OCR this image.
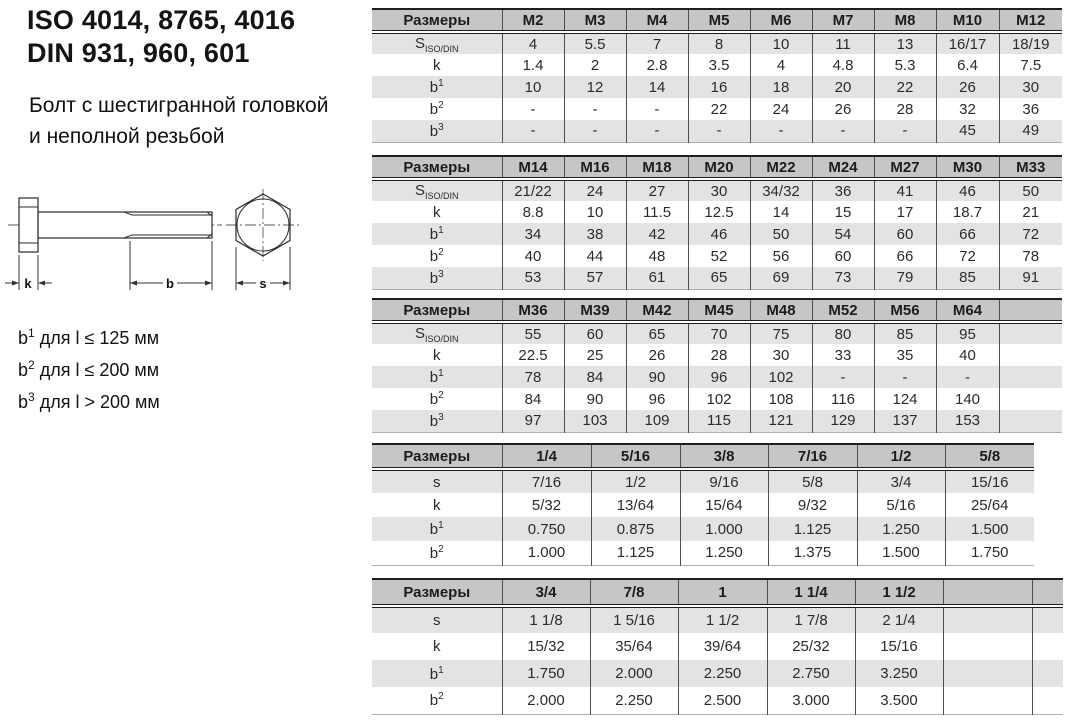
ISO 4014, 8765, 4016
DIN 931, 960, 601
Болт с шестигранной головкой
и неполной резьбой
k	b	s
$b^1$ для l ≤ 125 мм
$b^2$ для l ≤ 200 мм
$b^3$ для l > 200 мм
Размеры	M2	M3	M4	M5	M6	M7	M8	M10	M12
$S_{ISO/DIN}$	4	5.5	7	8	10	11	13	16/17	18/19
k	1.4	2	2.8	3.5	4	4.8	5.3	6.4	7.5
$b^1$	10	12	14	16	18	20	22	26	30
$b^2$	-	-	-	22	24	26	28	32	36
$b^3$	-	-	-	-	-	-	-	45	49
Размеры	M14	M16	M18	M20	M22	M24	M27	M30	M33
$S_{ISO/DIN}$	21/22	24	27	30	34/32	36	41	46	50
k	8.8	10	11.5	12.5	14	15	17	18.7	21
$b^1$	34	38	42	46	50	54	60	66	72
$b^2$	40	44	48	52	56	60	66	72	78
$b^3$	53	57	61	65	69	73	79	85	91
Размеры	M36	M39	M42	M45	M48	M52	M56	M64	
$S_{ISO/DIN}$	55	60	65	70	75	80	85	95	
k	22.5	25	26	28	30	33	35	40	
$b^1$	78	84	90	96	102	-	-	-	
$b^2$	84	90	96	102	108	116	124	140	
$b^3$	97	103	109	115	121	129	137	153	
Размеры	1/4	5/16	3/8	7/16	1/2	5/8
s	7/16	1/2	9/16	5/8	3/4	15/16
k	5/32	13/64	15/64	9/32	5/16	25/64
$b^1$	0.750	0.875	1.000	1.125	1.250	1.500
$b^2$	1.000	1.125	1.250	1.375	1.500	1.750
Размеры	3/4	7/8	1	1 1/4	1 1/2		
s	1 1/8	1 5/16	1 1/2	1 7/8	2 1/4		
k	15/32	35/64	39/64	25/32	15/16		
$b^1$	1.750	2.000	2.250	2.750	3.250		
$b^2$	2.000	2.250	2.500	3.000	3.500		
